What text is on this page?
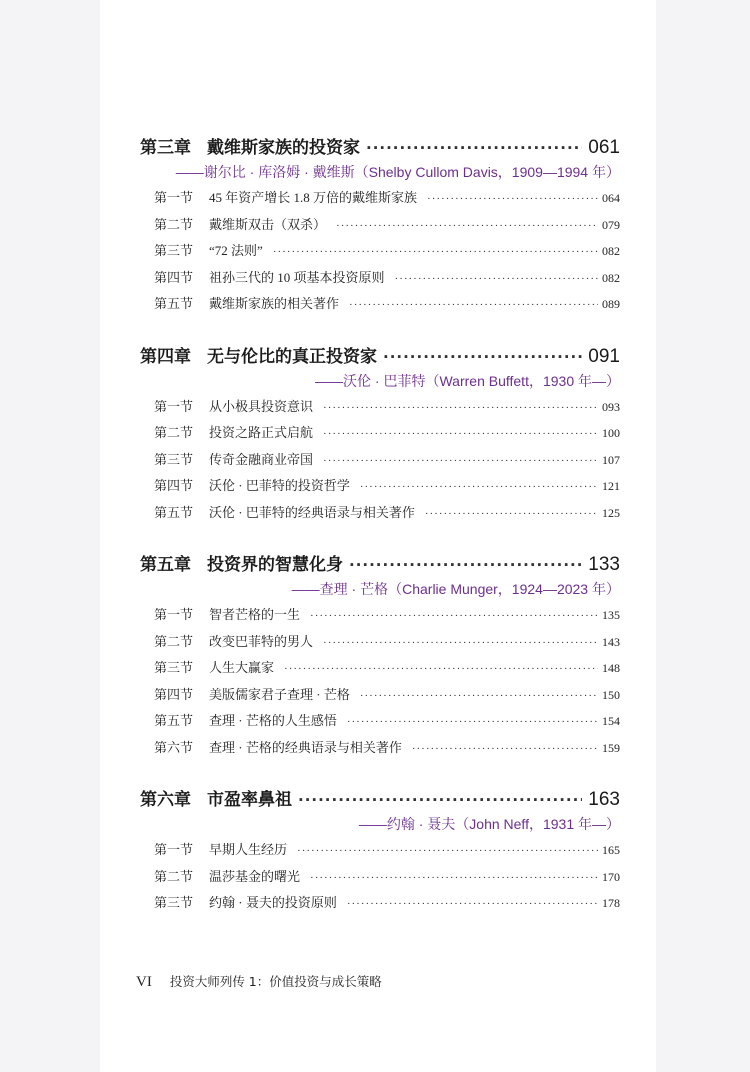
第三章 戴维斯家族的投资家 ·····	061
——谢尔比 · 库洛姆 · 戴维斯（Shelby Cullom Davis，1909—1994 年）
第一节 45 年资产增长 1.8 万倍的戴维斯家族 ·····	064
第二节 戴维斯双击（双杀） ·····	079
第三节 “72 法则” ·····	082
第四节 祖孙三代的 10 项基本投资原则 ·····	082
第五节 戴维斯家族的相关著作 ·····	089
第四章 无与伦比的真正投资家 ·····	091
——沃伦 · 巴菲特（Warren Buffett，1930 年—）
第一节 从小极具投资意识 ·····	093
第二节 投资之路正式启航 ·····	100
第三节 传奇金融商业帝国 ·····	107
第四节 沃伦 · 巴菲特的投资哲学 ·····	121
第五节 沃伦 · 巴菲特的经典语录与相关著作 ·····	125
第五章 投资界的智慧化身 ·····	133
——查理 · 芒格（Charlie Munger，1924—2023 年）
第一节 智者芒格的一生 ·····	135
第二节 改变巴菲特的男人 ·····	143
第三节 人生大赢家 ·····	148
第四节 美版儒家君子查理 · 芒格 ·····	150
第五节 查理 · 芒格的人生感悟 ·····	154
第六节 查理 · 芒格的经典语录与相关著作 ·····	159
第六章 市盈率鼻祖 ·····	163
——约翰 · 聂夫（John Neff，1931 年—）
第一节 早期人生经历 ·····	165
第二节 温莎基金的曙光 ·····	170
第三节 约翰 · 聂夫的投资原则 ·····	178
VI 投资大师列传 1：价值投资与成长策略
